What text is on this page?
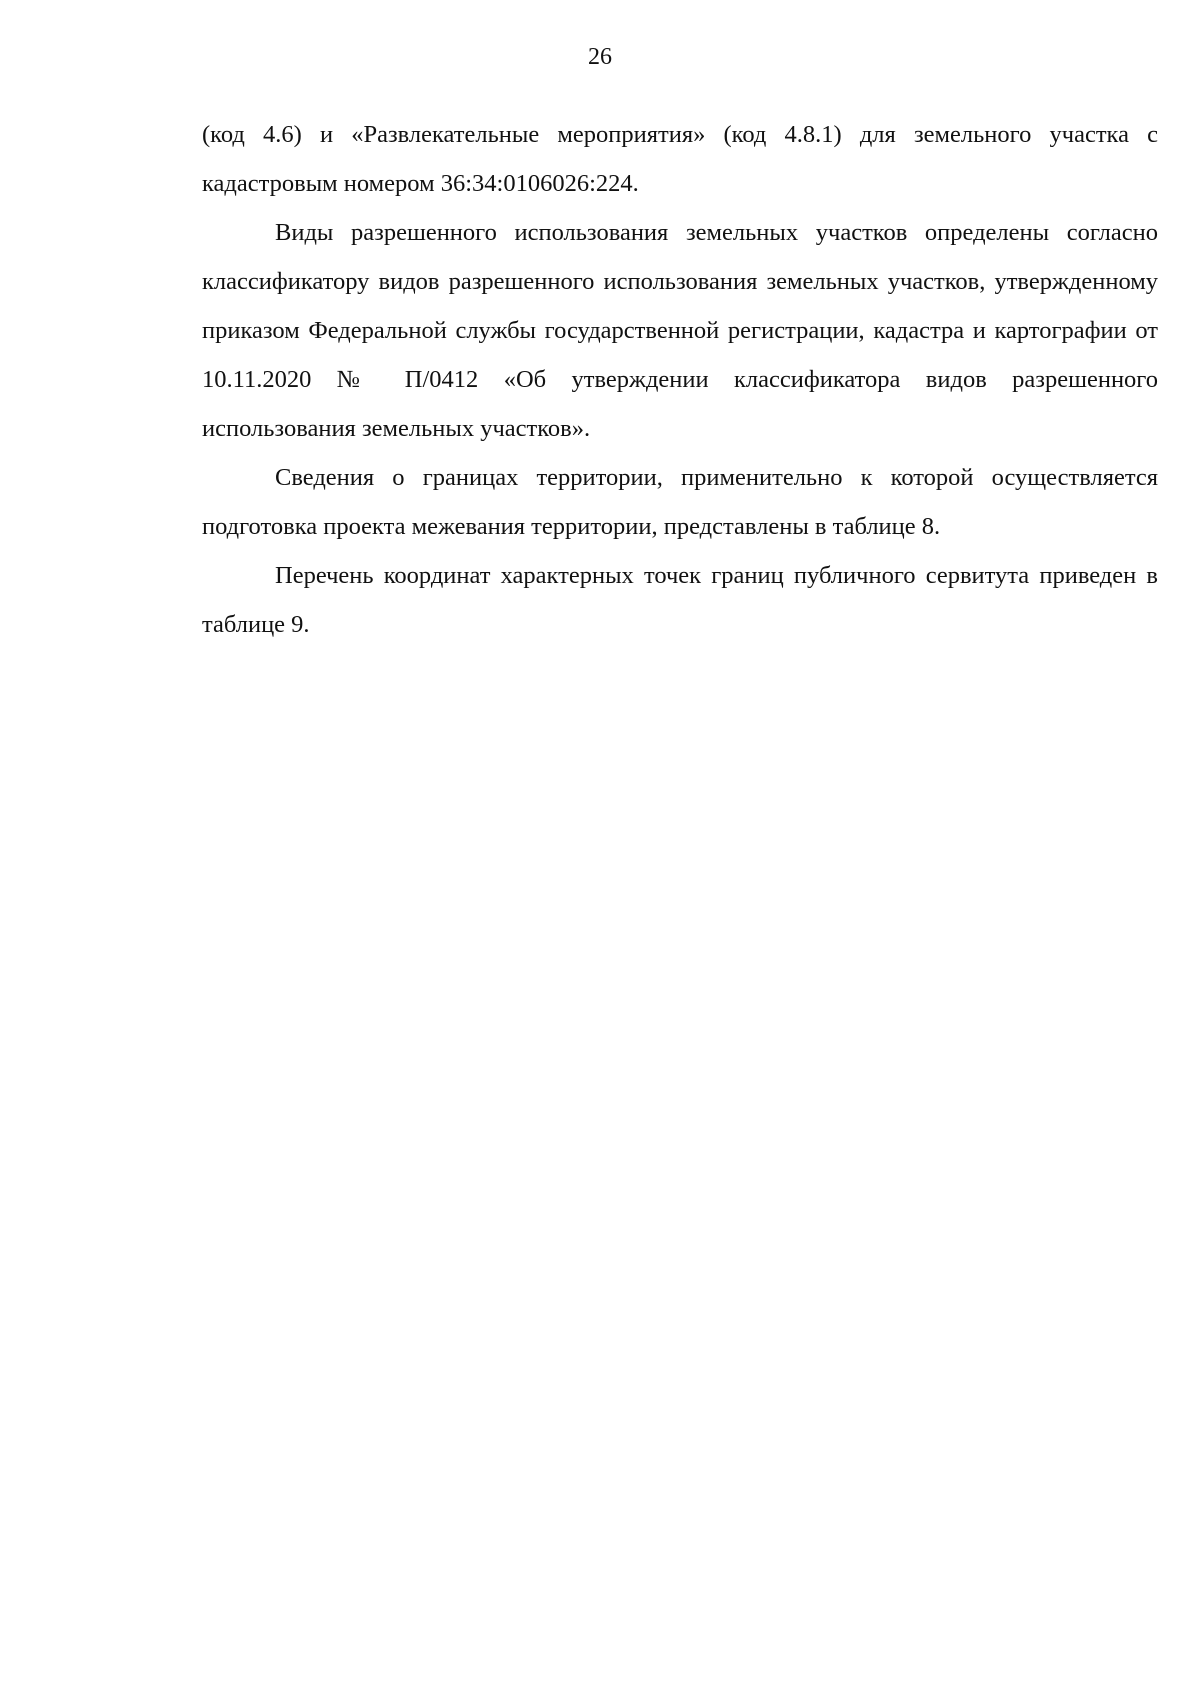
26

(код 4.6) и «Развлекательные мероприятия» (код 4.8.1) для земельного участка с кадастровым номером 36:34:0106026:224.

Виды разрешенного использования земельных участков определены согласно классификатору видов разрешенного использования земельных участков, утвержденному приказом Федеральной службы государственной регистрации, кадастра и картографии от 10.11.2020 № П/0412 «Об утверждении классификатора видов разрешенного использования земельных участков».

Сведения о границах территории, применительно к которой осуществляется подготовка проекта межевания территории, представлены в таблице 8.

Перечень координат характерных точек границ публичного сервитута приведен в таблице 9.
